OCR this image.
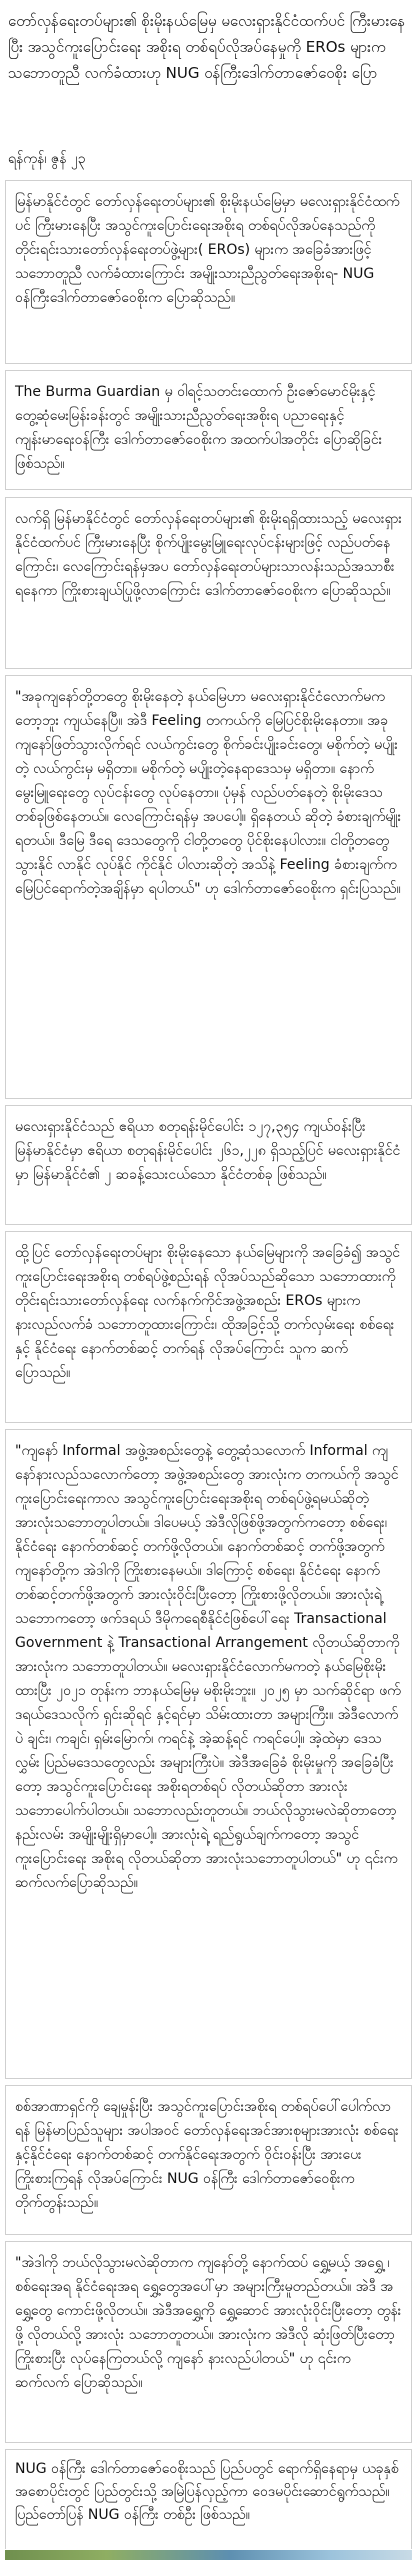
တော်လှန်ရေးတပ်များ၏ စိုးမိုးနယ်မြေမှ မလေးရှားနိုင်ငံထက်ပင် ကြီးမားနေပြီး အသွင်ကူးပြောင်းရေး အစိုးရ တစ်ရပ်လိုအပ်နေမှုကို EROs များက သဘောတူညီ လက်ခံထားဟု NUG ဝန်ကြီးဒေါက်တာဇော်ဝေစိုး ပြော
ရန်ကုန်၊ ဇွန် ၂၃

မြန်မာနိုင်ငံတွင် တော်လှန်ရေးတပ်များ၏ စိုးမိုးနယ်မြေမှာ မလေးရှားနိုင်ငံထက်ပင် ကြီးမားနေပြီး အသွင်ကူးပြောင်းရေးအစိုးရ တစ်ရပ်လိုအပ်နေသည်ကို တိုင်းရင်းသားတော်လှန်ရေးတပ်ဖွဲ့များ( EROs) များက အခြေခံအားဖြင့် သဘောတူညီ လက်ခံထားကြောင်း အမျိုးသားညီညွတ်ရေးအစိုးရ- NUG ဝန်ကြီးဒေါက်တာဇော်ဝေစိုးက ပြောဆိုသည်။

The Burma Guardian မှ ဝါရင့်သတင်းထောက် ဦးဇော်မောင်မိုးနှင့် တွေ့ဆုံမေးမြန်းခန်းတွင် အမျိုးသားညီညွတ်ရေးအစိုးရ ပညာရေးနှင့်ကျန်းမာရေးဝန်ကြီး ဒေါက်တာဇော်ဝေစိုးက အထက်ပါအတိုင်း ပြောဆိုခြင်းဖြစ်သည်။

လက်ရှိ မြန်မာနိုင်ငံတွင် တော်လှန်ရေးတပ်များ၏ စိုးမိုးရရှိထားသည့် မလေးရှားနိုင်ငံထက်ပင် ကြီးမားနေပြီး စိုက်ပျိုးမွေးမြူရေးလုပ်ငန်းများဖြင့် လည်ပတ်နေကြောင်း၊ လေကြောင်းရန်မှအပ တော်လှန်ရေးတပ်များသာလန်းသည်အသာစီးရနေကာ ကြိုးစားချယ်ပြုဖို့လာကြောင်း ဒေါက်တာဇော်ဝေစိုးက ပြောဆိုသည်။

"အခုကျနော်တို့တတွေ စိုးမိုးနေတဲ့ နယ်မြေဟာ မလေးရှားနိုင်ငံလောက်မကတော့ဘူး ကျယ်နေပြီ။ အဲဒီ Feeling တကယ်ကို မြေပြင်စိုးမိုးနေတာ။ အခု ကျနော်ဖြတ်သွားလိုက်ရင် လယ်ကွင်းတွေ စိုက်ခင်းပျိုးခင်းတွေ၊ မစိုက်တဲ့ မပျိုးတဲ့ လယ်ကွင်းမှ မရှိတာ။ မစိုက်တဲ့ မပျိုးတဲ့နေရာဒေသမှ မရှိတာ။ နောက်မွေးမြူရေးတွေ လုပ်ငန်းတွေ လုပ်နေတာ။ ပုံမှန် လည်ပတ်နေတဲ့ စိုးမိုးဒေသတစ်ခုဖြစ်နေတယ်။ လေကြောင်းရန်မှ အပပေါ့။ ရှိနေတယ် ဆိုတဲ့ ခံစားချက်မျိုးရတယ်။ ဒီမြေ ဒီရေ ဒေသတွေကို ငါတို့တတွေ ပိုင်စိုးနေပါလား။ ငါတို့တတွေ သွားနိုင် လာနိုင် လုပ်နိုင် ကိုင်နိုင် ပါလားဆိုတဲ့ အသိနဲ့ Feeling ခံစားချက်က မြေပြင်ရောက်တဲ့အချိန်မှာ ရပါတယ်" ဟု ဒေါက်တာဇော်ဝေစိုးက ရှင်းပြသည်။

မလေးရှားနိုင်ငံသည် ဧရိယာ စတုရန်းမိုင်ပေါင်း ၁၂၇,၃၅၄ ကျယ်ဝန်းပြီး မြန်မာနိုင်ငံမှာ ဧရိယာ စတုရန်းမိုင်ပေါင်း ၂၆၁,၂၂၈ ရှိသည့်ပြင် မလေးရှားနိုင်ငံမှာ မြန်မာနိုင်ငံ၏ ၂ ဆခန့်သေးငယ်သော နိုင်ငံတစ်ခု ဖြစ်သည်။

ထို့ပြင် တော်လှန်ရေးတပ်များ စိုးမိုးနေသော နယ်မြေများကို အခြေခံ၍ အသွင်ကူးပြောင်းရေးအစိုးရ တစ်ရပ်ဖွဲ့စည်းရန် လိုအပ်သည်ဆိုသော သဘောထားကို တိုင်းရင်းသားတော်လှန်ရေး လက်နက်ကိုင်အဖွဲ့အစည်း EROs များက နားလည်လက်ခံ သဘောတူထားကြောင်း၊ ထိုအခြင့်သို့ တက်လှမ်းရေး စစ်ရေးနှင့် နိုင်ငံရေး နောက်တစ်ဆင့် တက်ရန် လိုအပ်ကြောင်း သူက ဆက်ပြောသည်။

"ကျနော် Informal အဖွဲ့အစည်းတွေနဲ့ တွေ့ဆုံသလောက် Informal ကျနော်နားလည်သလောက်တော့ အဖွဲ့အစည်းတွေ အားလုံးက တကယ်ကို အသွင်ကူးပြောင်းရေးကာလ အသွင်ကူးပြောင်းရေးအစိုးရ တစ်ရပ်ဖွဲ့ရမယ်ဆိုတဲ့ အားလုံးသဘောတူပါတယ်။ ဒါပေမယ့် အဲဒီလိုဖြစ်ဖို့အတွက်ကတော့ စစ်ရေး၊ နိုင်ငံရေး နောက်တစ်ဆင့် တက်ဖို့လိုတယ်။ နောက်တစ်ဆင့် တက်ဖို့အတွက် ကျနော်တို့က အဲဒါကို ကြိုးစားနေမယ်။ ဒါကြောင့် စစ်ရေး၊ နိုင်ငံရေး နောက်တစ်ဆင့်တက်ဖို့အတွက် အားလုံးဝိုင်းပြီးတော့ ကြိုးစားဖို့လိုတယ်။ အားလုံးရဲ့ သဘောကတော့ ဖက်ဒရယ် ဒီမိုကရေစီနိုင်ငံဖြစ်ပေါ်ရေး Transactional Government နဲ့ Transactional Arrangement လိုတယ်ဆိုတာကို အားလုံးက သဘောတူပါတယ်။ မလေးရှားနိုင်ငံလောက်မကတဲ့ နယ်မြေစိုးမိုးထားပြီး ၂၀၂၁ တုန်းက ဘာနယ်မြေမှ မစိုးမိုးဘူး။ ၂၀၂၅ မှာ သက်ဆိုင်ရာ ဖက်ဒရယ်ဒေသလိုက် ရှင်းဆိုရင် နှင့်ရင်မှာ သိမ်းထားတာ အများကြီး။ အဲဒီလောက်ပဲ ချင်း၊ ကချင်၊ ရှမ်းမြောက်၊ ကရင်နဲ့ အဲ့ဆန့်ရင် ကရင်ပေါ့။ အဲ့ထဲမှာ ဒေသလွှမ်း ပြည်မဒေသတွေလည်း အများကြီးပဲ။ အဲဒီအခြေခံ စိုးမိုးမှုကို အခြေခံပြီးတော့ အသွင်ကူးပြောင်းရေး အစိုးရတစ်ရပ် လိုတယ်ဆိုတာ အားလုံး သဘောပေါက်ပါတယ်။ သဘောလည်းတူတယ်။ ဘယ်လိုသွားမလဲဆိုတာတော့ နည်းလမ်း အမျိုးမျိုးရှိမှာပေါ့။ အားလုံးရဲ့ ရည်ရွယ်ချက်ကတော့ အသွင်ကူးပြောင်းရေး အစိုးရ လိုတယ်ဆိုတာ အားလုံးသဘောတူပါတယ်" ဟု ၎င်းက ဆက်လက်ပြောဆိုသည်။

စစ်အာဏာရှင်ကို ချေမှုန်းပြီး အသွင်ကူးပြောင်းအစိုးရ တစ်ရပ်ပေါ်ပေါက်လာရန် မြန်မာပြည်သူများ အပါအဝင် တော်လှန်ရေးအင်အားစုများအားလုံး စစ်ရေးနှင့်နိုင်ငံရေး နောက်တစ်ဆင့် တက်နိုင်ရေးအတွက် ဝိုင်းဝန်းပြီး အားပေး ကြိုးစားကြရန် လိုအပ်ကြောင်း NUG ဝန်ကြီး ဒေါက်တာဇော်ဝေစိုးက တိုက်တွန်းသည်။

"အဲဒါကို ဘယ်လိုသွားမလဲဆိုတာက ကျနော်တို့ နောက်ထပ် ရွှေ့မယ့် အရွှေ့ ၊ စစ်ရေးအရ နိုင်ငံရေးအရ ရွှေ့တွေအပေါ်မှာ အများကြီးမူတည်တယ်။ အဲဒီ အရွှေ့တွေ ကောင်းဖို့လိုတယ်။ အဲဒီအရွှေ့ကို ရွှေ့ဆောင် အားလုံးဝိုင်းပြီးတော့ တွန်းဖို့ လိုတယ်လို့ အားလုံး သဘောတူတယ်။ အားလုံးက အဲဒီလို ဆုံးဖြတ်ပြီးတော့ ကြိုးစားပြီး လုပ်နေကြတယ်လို့ ကျနော် နားလည်ပါတယ်" ဟု ၎င်းက ဆက်လက် ပြောဆိုသည်။

NUG ဝန်ကြီး ဒေါက်တာဇော်ဝေစိုးသည် ပြည်ပတွင် ရောက်ရှိနေရာမှ ယခုနှစ်အစောပိုင်းတွင် ပြည်တွင်းသို့ အမြဲပြန်လှည့်ကာ ဝေဒမပိုင်းဆောင်ရွက်သည်။ ပြည်တော်ပြန် NUG ဝန်ကြီး တစ်ဦး ဖြစ်သည်။
